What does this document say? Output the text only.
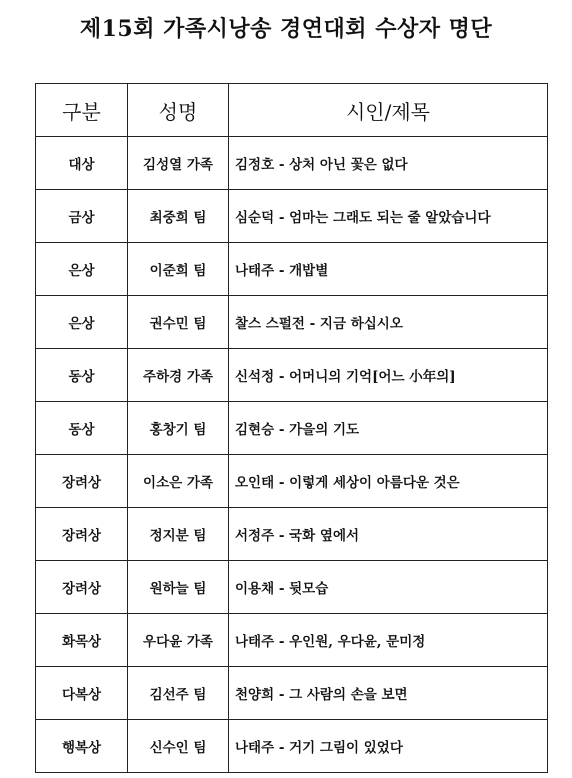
제15회 가족시낭송 경연대회 수상자 명단
구분	성명	시인/제목
대상	김성열 가족	김정호 - 상처 아닌 꽃은 없다
금상	최중희 팀	심순덕 - 엄마는 그래도 되는 줄 알았습니다
은상	이준희 팀	나태주 - 개밥별
은상	권수민 팀	찰스 스펄전 - 지금 하십시오
동상	주하경 가족	신석정 - 어머니의 기억[어느 小年의]
동상	홍창기 팀	김현승 - 가을의 기도
장려상	이소은 가족	오인태 - 이렇게 세상이 아름다운 것은
장려상	정지분 팀	서정주 - 국화 옆에서
장려상	원하늘 팀	이용채 - 뒷모습
화목상	우다윤 가족	나태주 - 우인원, 우다윤, 문미정
다복상	김선주 팀	천양희 - 그 사람의 손을 보면
행복상	신수인 팀	나태주 - 거기 그림이 있었다
